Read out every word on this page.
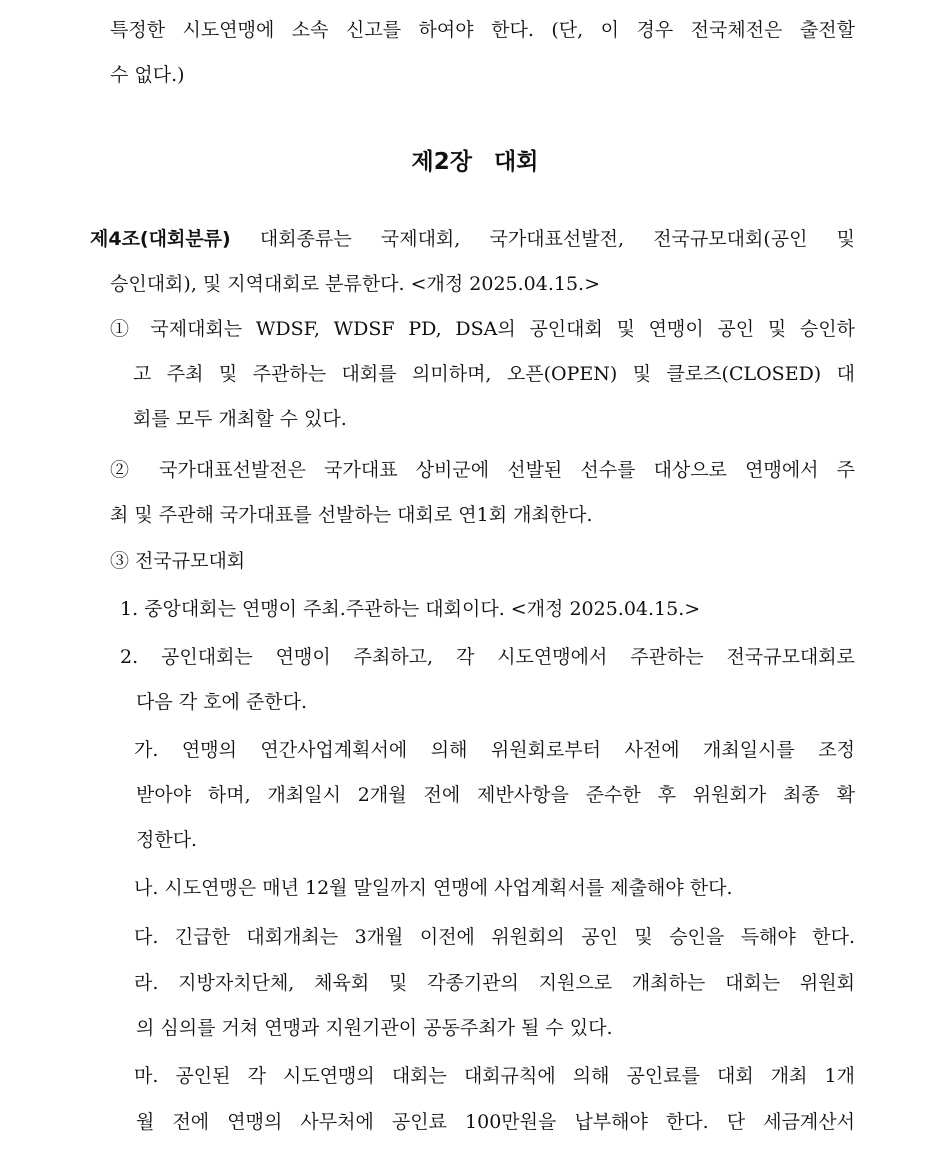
특정한 시도연맹에 소속 신고를 하여야 한다. (단, 이 경우 전국체전은 출전할
수 없다.)
제2장 대회
제4조(대회분류) 대회종류는 국제대회, 국가대표선발전, 전국규모대회(공인 및
승인대회), 및 지역대회로 분류한다. <개정 2025.04.15.>
① 국제대회는 WDSF, WDSF PD, DSA의 공인대회 및 연맹이 공인 및 승인하
고 주최 및 주관하는 대회를 의미하며, 오픈(OPEN) 및 클로즈(CLOSED) 대
회를 모두 개최할 수 있다.
② 국가대표선발전은 국가대표 상비군에 선발된 선수를 대상으로 연맹에서 주
최 및 주관해 국가대표를 선발하는 대회로 연1회 개최한다.
③ 전국규모대회
1. 중앙대회는 연맹이 주최.주관하는 대회이다. <개정 2025.04.15.>
2. 공인대회는 연맹이 주최하고, 각 시도연맹에서 주관하는 전국규모대회로
다음 각 호에 준한다.
가. 연맹의 연간사업계획서에 의해 위원회로부터 사전에 개최일시를 조정
받아야 하며, 개최일시 2개월 전에 제반사항을 준수한 후 위원회가 최종 확
정한다.
나. 시도연맹은 매년 12월 말일까지 연맹에 사업계획서를 제출해야 한다.
다. 긴급한 대회개최는 3개월 이전에 위원회의 공인 및 승인을 득해야 한다.
라. 지방자치단체, 체육회 및 각종기관의 지원으로 개최하는 대회는 위원회
의 심의를 거쳐 연맹과 지원기관이 공동주최가 될 수 있다.
마. 공인된 각 시도연맹의 대회는 대회규칙에 의해 공인료를 대회 개최 1개
월 전에 연맹의 사무처에 공인료 100만원을 납부해야 한다. 단 세금계산서
